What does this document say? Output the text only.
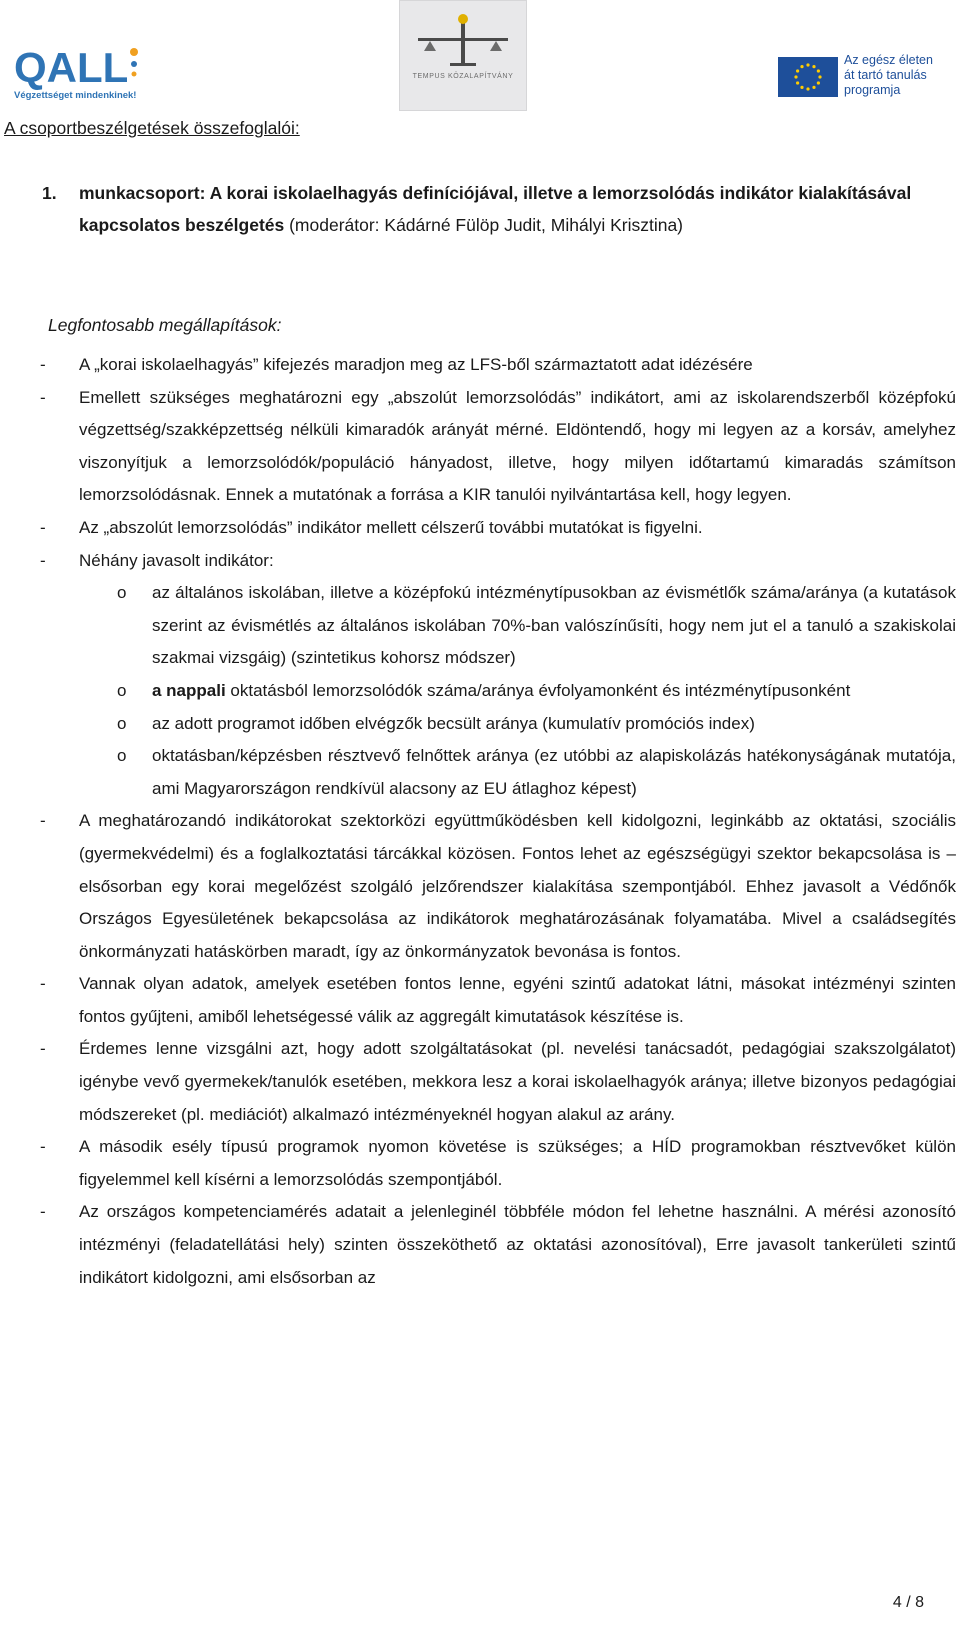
QALL
Végzettséget mindenkinek!
TEMPUS KÖZALAPÍTVÁNY
Az egész életen
át tartó tanulás
programja
A csoportbeszélgetések összefoglalói:
1.	munkacsoport: A korai iskolaelhagyás definíciójával, illetve a lemorzsolódás indikátor kialakításával kapcsolatos beszélgetés (moderátor: Kádárné Fülöp Judit, Mihályi Krisztina)
Legfontosabb megállapítások:
-	A „korai iskolaelhagyás” kifejezés maradjon meg az LFS-ből származtatott adat idézésére
-	Emellett szükséges meghatározni egy „abszolút lemorzsolódás” indikátort, ami az iskolarendszerből középfokú végzettség/szakképzettség nélküli kimaradók arányát mérné. Eldöntendő, hogy mi legyen az a korsáv, amelyhez viszonyítjuk a lemorzsolódók/populáció hányadost, illetve, hogy milyen időtartamú kimaradás számítson lemorzsolódásnak. Ennek a mutatónak a forrása a KIR tanulói nyilvántartása kell, hogy legyen.
-	Az „abszolút lemorzsolódás” indikátor mellett célszerű további mutatókat is figyelni.
-	Néhány javasolt indikátor:
o	az általános iskolában, illetve a középfokú intézménytípusokban az évismétlők száma/aránya (a kutatások szerint az évismétlés az általános iskolában 70%-ban valószínűsíti, hogy nem jut el a tanuló a szakiskolai szakmai vizsgáig) (szintetikus kohorsz módszer)
o	a nappali oktatásból lemorzsolódók száma/aránya évfolyamonként és intézménytípusonként
o	az adott programot időben elvégzők becsült aránya (kumulatív promóciós index)
o	oktatásban/képzésben résztvevő felnőttek aránya (ez utóbbi az alapiskolázás hatékonyságának mutatója, ami Magyarországon rendkívül alacsony az EU átlaghoz képest)
-	A meghatározandó indikátorokat szektorközi együttműködésben kell kidolgozni, leginkább az oktatási, szociális (gyermekvédelmi) és a foglalkoztatási tárcákkal közösen. Fontos lehet az egészségügyi szektor bekapcsolása is – elsősorban egy korai megelőzést szolgáló jelzőrendszer kialakítása szempontjából. Ehhez javasolt a Védőnők Országos Egyesületének bekapcsolása az indikátorok meghatározásának folyamatába. Mivel a családsegítés önkormányzati hatáskörben maradt, így az önkormányzatok bevonása is fontos.
-	Vannak olyan adatok, amelyek esetében fontos lenne, egyéni szintű adatokat látni, másokat intézményi szinten fontos gyűjteni, amiből lehetségessé válik az aggregált kimutatások készítése is.
-	Érdemes lenne vizsgálni azt, hogy adott szolgáltatásokat (pl. nevelési tanácsadót, pedagógiai szakszolgálatot) igénybe vevő gyermekek/tanulók esetében, mekkora lesz a korai iskolaelhagyók aránya; illetve bizonyos pedagógiai módszereket (pl. mediációt) alkalmazó intézményeknél hogyan alakul az arány.
-	A második esély típusú programok nyomon követése is szükséges; a HÍD programokban résztvevőket külön figyelemmel kell kísérni a lemorzsolódás szempontjából.
-	Az országos kompetenciamérés adatait a jelenleginél többféle módon fel lehetne használni. A mérési azonosító intézményi (feladatellátási hely) szinten összeköthető az oktatási azonosítóval), Erre javasolt tankerületi szintű indikátort kidolgozni, ami elsősorban az
4 / 8
